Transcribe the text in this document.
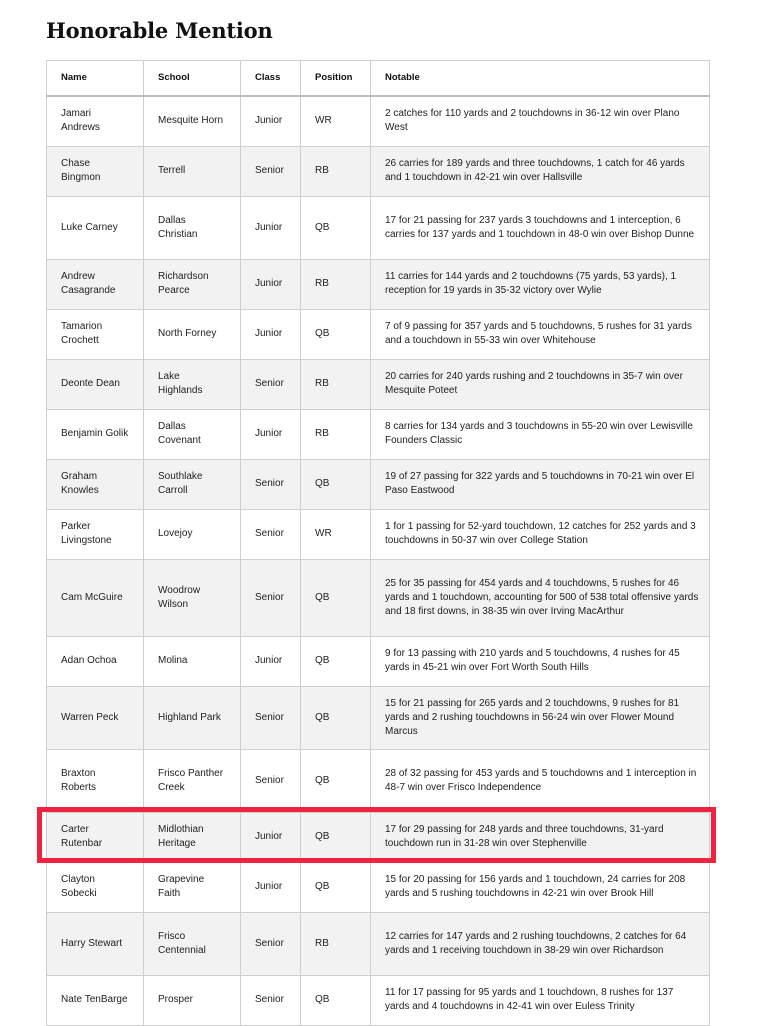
Honorable Mention
Name	School	Class	Position	Notable
Jamari Andrews	Mesquite Horn	Junior	WR	2 catches for 110 yards and 2 touchdowns in 36-12 win over Plano West
Chase Bingmon	Terrell	Senior	RB	26 carries for 189 yards and three touchdowns, 1 catch for 46 yards and 1 touchdown in 42-21 win over Hallsville
Luke Carney	Dallas Christian	Junior	QB	17 for 21 passing for 237 yards 3 touchdowns and 1 interception, 6 carries for 137 yards and 1 touchdown in 48-0 win over Bishop Dunne
Andrew Casagrande	Richardson Pearce	Junior	RB	11 carries for 144 yards and 2 touchdowns (75 yards, 53 yards), 1 reception for 19 yards in 35-32 victory over Wylie
Tamarion Crochett	North Forney	Junior	QB	7 of 9 passing for 357 yards and 5 touchdowns, 5 rushes for 31 yards and a touchdown in 55-33 win over Whitehouse
Deonte Dean	Lake Highlands	Senior	RB	20 carries for 240 yards rushing and 2 touchdowns in 35-7 win over Mesquite Poteet
Benjamin Golik	Dallas Covenant	Junior	RB	8 carries for 134 yards and 3 touchdowns in 55-20 win over Lewisville Founders Classic
Graham Knowles	Southlake Carroll	Senior	QB	19 of 27 passing for 322 yards and 5 touchdowns in 70-21 win over El Paso Eastwood
Parker Livingstone	Lovejoy	Senior	WR	1 for 1 passing for 52-yard touchdown, 12 catches for 252 yards and 3 touchdowns in 50-37 win over College Station
Cam McGuire	Woodrow Wilson	Senior	QB	25 for 35 passing for 454 yards and 4 touchdowns, 5 rushes for 46 yards and 1 touchdown, accounting for 500 of 538 total offensive yards and 18 first downs, in 38-35 win over Irving MacArthur
Adan Ochoa	Molina	Junior	QB	9 for 13 passing with 210 yards and 5 touchdowns, 4 rushes for 45 yards in 45-21 win over Fort Worth South Hills
Warren Peck	Highland Park	Senior	QB	15 for 21 passing for 265 yards and 2 touchdowns, 9 rushes for 81 yards and 2 rushing touchdowns in 56-24 win over Flower Mound Marcus
Braxton Roberts	Frisco Panther Creek	Senior	QB	28 of 32 passing for 453 yards and 5 touchdowns and 1 interception in 48-7 win over Frisco Independence
Carter Rutenbar	Midlothian Heritage	Junior	QB	17 for 29 passing for 248 yards and three touchdowns, 31-yard touchdown run in 31-28 win over Stephenville
Clayton Sobecki	Grapevine Faith	Junior	QB	15 for 20 passing for 156 yards and 1 touchdown, 24 carries for 208 yards and 5 rushing touchdowns in 42-21 win over Brook Hill
Harry Stewart	Frisco Centennial	Senior	RB	12 carries for 147 yards and 2 rushing touchdowns, 2 catches for 64 yards and 1 receiving touchdown in 38-29 win over Richardson
Nate TenBarge	Prosper	Senior	QB	11 for 17 passing for 95 yards and 1 touchdown, 8 rushes for 137 yards and 4 touchdowns in 42-41 win over Euless Trinity
